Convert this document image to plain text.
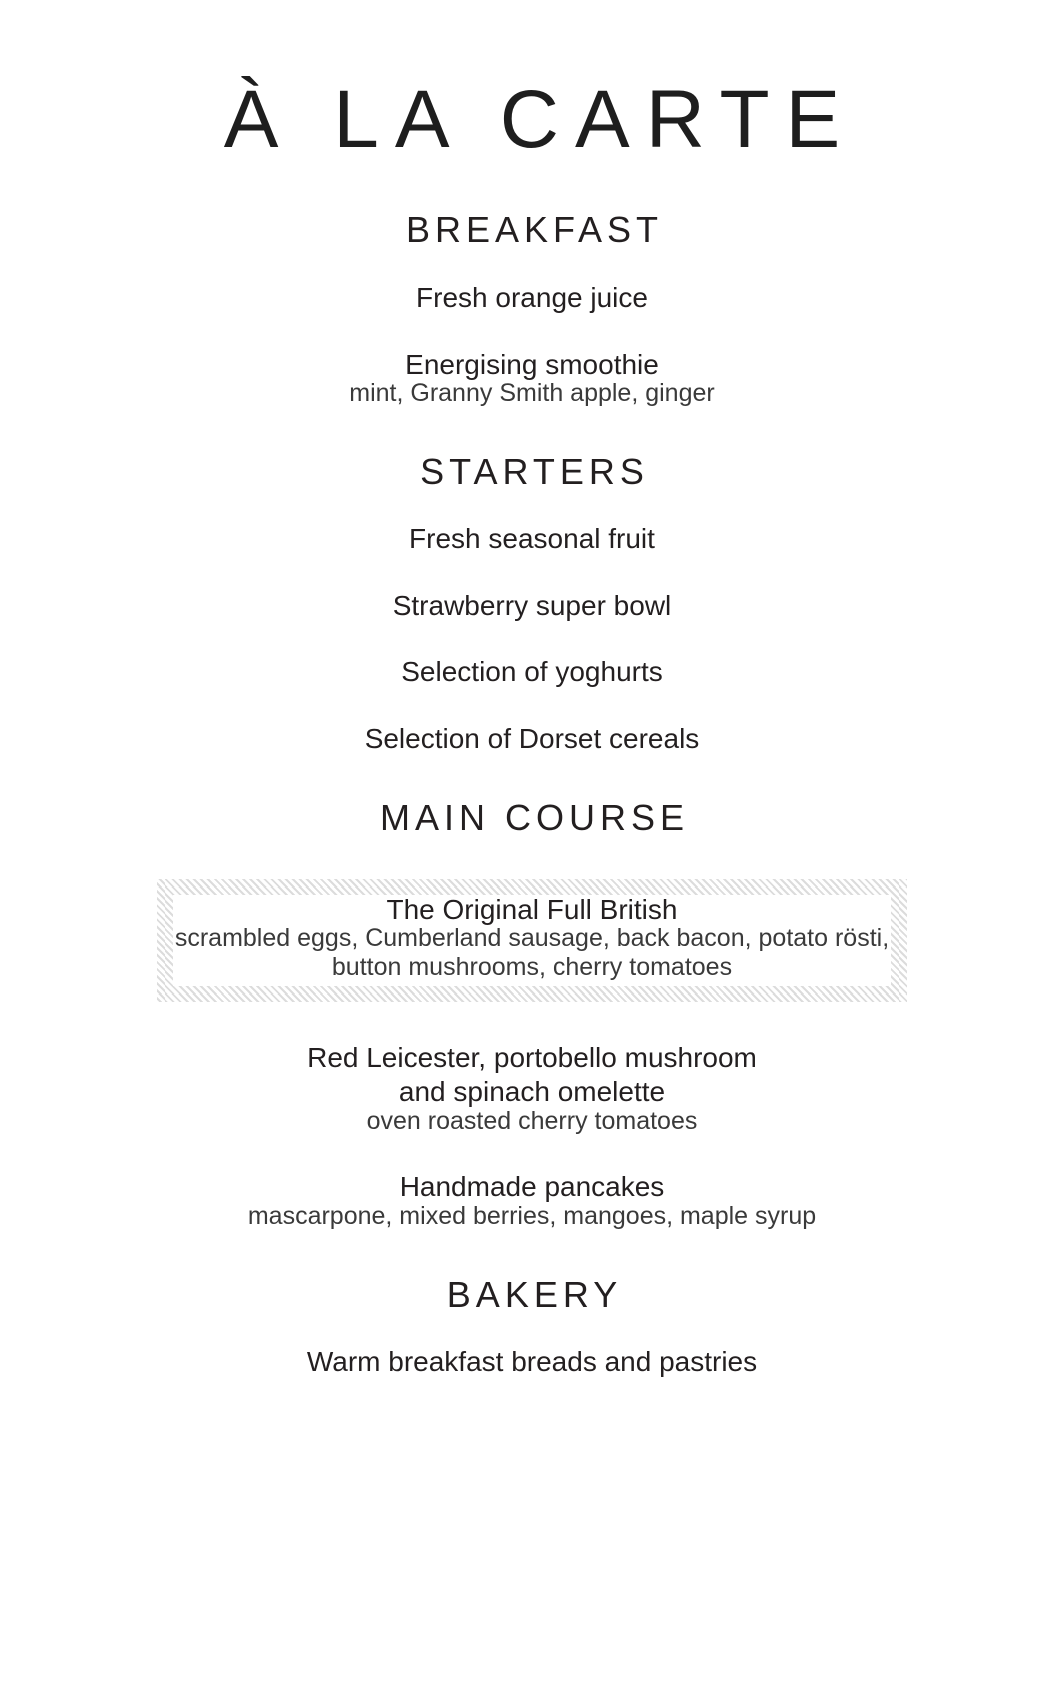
À LA CARTE
BREAKFAST
Fresh orange juice
Energising smoothie
mint, Granny Smith apple, ginger
STARTERS
Fresh seasonal fruit
Strawberry super bowl
Selection of yoghurts
Selection of Dorset cereals
MAIN COURSE
The Original Full British
scrambled eggs, Cumberland sausage, back bacon, potato rösti,
button mushrooms, cherry tomatoes
Red Leicester, portobello mushroom
and spinach omelette
oven roasted cherry tomatoes
Handmade pancakes
mascarpone, mixed berries, mangoes, maple syrup
BAKERY
Warm breakfast breads and pastries
